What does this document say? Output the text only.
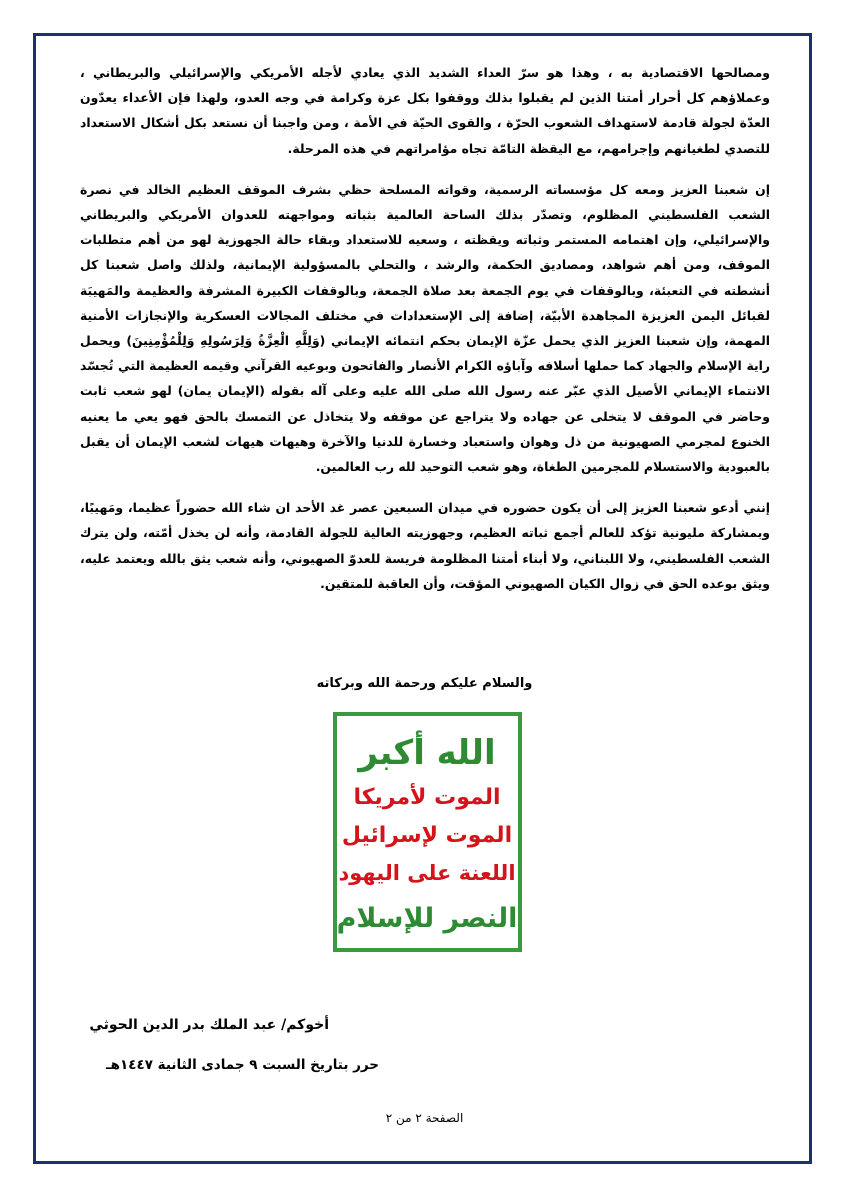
ومصالحها الاقتصادية به ، وهذا هو سرّ العداء الشديد الذي يعادي لأجله الأمريكي والإسرائيلي والبريطاني ، وعملاؤهم كل أحرار أمتنا الذين لم يقبلوا بذلك ووقفوا بكل عزة وكرامة في وجه العدو، ولهذا فإن الأعداء يعدّون العدّة لجولة قادمة لاستهداف الشعوب الحرّة ، والقوى الحيّة في الأمة ، ومن واجبنا أن نستعد بكل أشكال الاستعداد للتصدي لطغيانهم وإجرامهم، مع اليقظة التامّة تجاه مؤامراتهم في هذه المرحلة.

إن شعبنا العزيز ومعه كل مؤسساته الرسمية، وقواته المسلحة حظي بشرف الموقف العظيم الخالد في نصرة الشعب الفلسطيني المظلوم، وتصدّر بذلك الساحة العالمية بثباته ومواجهته للعدوان الأمريكي والبريطاني والإسرائيلي، وإن اهتمامه المستمر وثباته ويقظته ، وسعيه للاستعداد وبقاء حالة الجهوزية لهو من أهم متطلبات الموقف، ومن أهم شواهد، ومصاديق الحكمة، والرشد ، والتحلي بالمسؤولية الإيمانية، ولذلك واصل شعبنا كل أنشطته في التعبئة، وبالوقفات في يوم الجمعة بعد صلاة الجمعة، وبالوقفات الكبيرة المشرفة والعظيمة والمَهيبَة لقبائل اليمن العزيزة المجاهدة الأبيّة، إضافة إلى الإستعدادات في مختلف المجالات العسكرية والإنجازات الأمنية المهمة، وإن شعبنا العزيز الذي يحمل عزّة الإيمان بحكم انتمائه الإيماني (وَلِلَّهِ الْعِزَّةُ وَلِرَسُولِهِ وَلِلْمُؤْمِنِينَ) ويحمل راية الإسلام والجهاد كما حملها أسلافه وآباؤه الكرام الأنصار والفاتحون وبوعيه القرآني وقيمه العظيمة التي تُجسّد الانتماء الإيماني الأصيل الذي عبّر عنه رسول الله صلى الله عليه وعلى آله بقوله (الإيمان يمان) لهو شعب ثابت وحاضر في الموقف لا يتخلى عن جهاده ولا يتراجع عن موقفه ولا يتخاذل عن التمسك بالحق فهو يعي ما يعنيه الخنوع لمجرمي الصهيونية من ذل وهوان واستعباد وخسارة للدنيا والآخرة وهيهات هيهات لشعب الإيمان أن يقبل بالعبودية والاستسلام للمجرمين الطغاة، وهو شعب التوحيد لله رب العالمين.

إنني أدعو شعبنا العزيز إلى أن يكون حضوره في ميدان السبعين عصر غد الأحد ان شاء الله حضوراً عظيما، ومَهيبًا، وبمشاركة مليونية تؤكد للعالم أجمع ثباته العظيم، وجهوزيته العالية للجولة القادمة، وأنه لن يخذل أمّته، ولن يترك الشعب الفلسطيني، ولا اللبناني، ولا أبناء أمتنا المظلومة فريسة للعدوّ الصهيوني، وأنه شعب يثق بالله ويعتمد عليه، ويثق بوعده الحق في زوال الكيان الصهيوني المؤقت، وأن العاقبة للمتقين.

والسلام عليكم ورحمة الله وبركاته
الله أكبر
الموت لأمريكا
الموت لإسرائيل
اللعنة على اليهود
النصر للإسلام
أخوكم/ عبد الملك بدر الدين الحوثي
حرر بتاريخ السبت ٩ جمادى الثانية ١٤٤٧هـ
الصفحة ٢ من ٢
